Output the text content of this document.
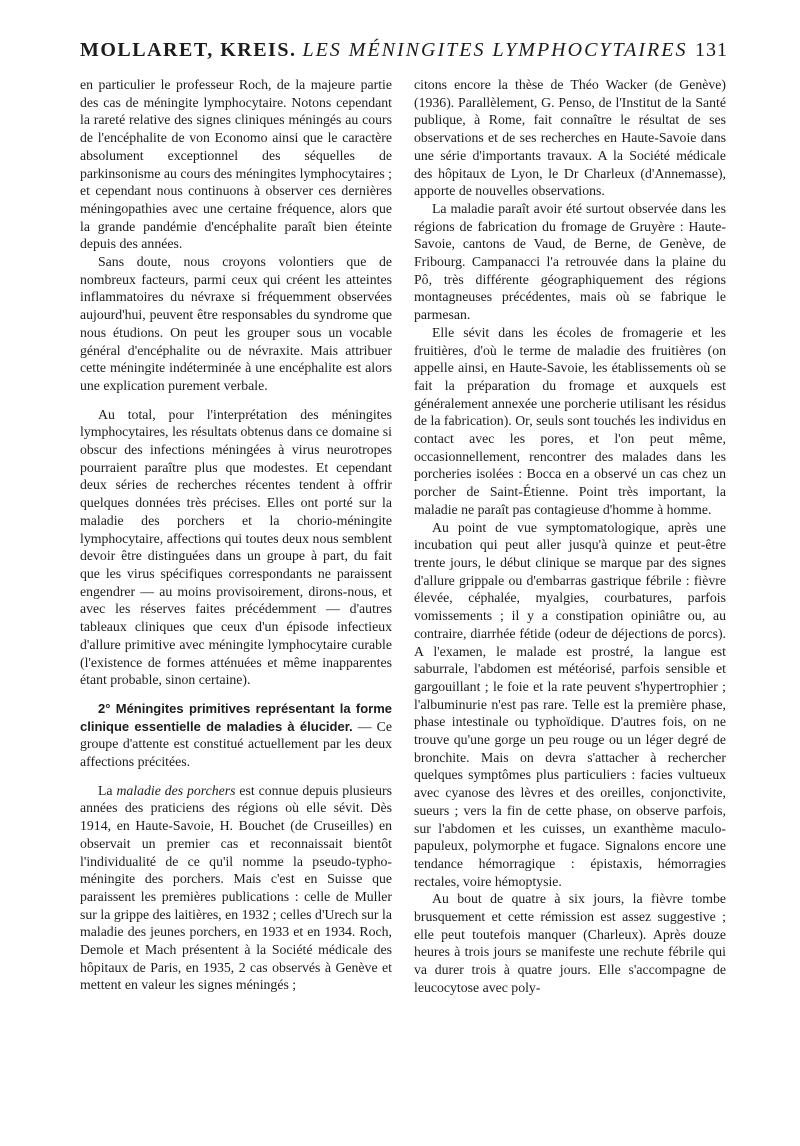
MOLLARET, KREIS. LES MÉNINGITES LYMPHOCYTAIRES 131

en particulier le professeur Roch, de la majeure partie des cas de méningite lymphocytaire. Notons cependant la rareté relative des signes cliniques méningés au cours de l'encéphalite de von Economo ainsi que le caractère absolument exceptionnel des séquelles de parkinsonisme au cours des méningites lymphocytaires ; et cependant nous continuons à observer ces dernières méningopathies avec une certaine fréquence, alors que la grande pandémie d'encéphalite paraît bien éteinte depuis des années.

Sans doute, nous croyons volontiers que de nombreux facteurs, parmi ceux qui créent les atteintes inflammatoires du névraxe si fréquemment observées aujourd'hui, peuvent être responsables du syndrome que nous étudions. On peut les grouper sous un vocable général d'encéphalite ou de névraxite. Mais attribuer cette méningite indéterminée à une encéphalite est alors une explication purement verbale.

Au total, pour l'interprétation des méningites lymphocytaires, les résultats obtenus dans ce domaine si obscur des infections méningées à virus neurotropes pourraient paraître plus que modestes. Et cependant deux séries de recherches récentes tendent à offrir quelques données très précises. Elles ont porté sur la maladie des porchers et la chorio-méningite lymphocytaire, affections qui toutes deux nous semblent devoir être distinguées dans un groupe à part, du fait que les virus spécifiques correspondants ne paraissent engendrer — au moins provisoirement, dirons-nous, et avec les réserves faites précédemment — d'autres tableaux cliniques que ceux d'un épisode infectieux d'allure primitive avec méningite lymphocytaire curable (l'existence de formes atténuées et même inapparentes étant probable, sinon certaine).

2° Méningites primitives représentant la forme clinique essentielle de maladies à élucider. — Ce groupe d'attente est constitué actuellement par les deux affections précitées.

La maladie des porchers est connue depuis plusieurs années des praticiens des régions où elle sévit. Dès 1914, en Haute-Savoie, H. Bouchet (de Cruseilles) en observait un premier cas et reconnaissait bientôt l'individualité de ce qu'il nomme la pseudo-typho-méningite des porchers. Mais c'est en Suisse que paraissent les premières publications : celle de Muller sur la grippe des laitières, en 1932 ; celles d'Urech sur la maladie des jeunes porchers, en 1933 et en 1934. Roch, Demole et Mach présentent à la Société médicale des hôpitaux de Paris, en 1935, 2 cas observés à Genève et mettent en valeur les signes méningés ;

citons encore la thèse de Théo Wacker (de Genève) (1936). Parallèlement, G. Penso, de l'Institut de la Santé publique, à Rome, fait connaître le résultat de ses observations et de ses recherches en Haute-Savoie dans une série d'importants travaux. A la Société médicale des hôpitaux de Lyon, le Dr Charleux (d'Annemasse), apporte de nouvelles observations.

La maladie paraît avoir été surtout observée dans les régions de fabrication du fromage de Gruyère : Haute-Savoie, cantons de Vaud, de Berne, de Genève, de Fribourg. Campanacci l'a retrouvée dans la plaine du Pô, très différente géographiquement des régions montagneuses précédentes, mais où se fabrique le parmesan.

Elle sévit dans les écoles de fromagerie et les fruitières, d'où le terme de maladie des fruitières (on appelle ainsi, en Haute-Savoie, les établissements où se fait la préparation du fromage et auxquels est généralement annexée une porcherie utilisant les résidus de la fabrication). Or, seuls sont touchés les individus en contact avec les pores, et l'on peut même, occasionnellement, rencontrer des malades dans les porcheries isolées : Bocca en a observé un cas chez un porcher de Saint-Étienne. Point très important, la maladie ne paraît pas contagieuse d'homme à homme.

Au point de vue symptomatologique, après une incubation qui peut aller jusqu'à quinze et peut-être trente jours, le début clinique se marque par des signes d'allure grippale ou d'embarras gastrique fébrile : fièvre élevée, céphalée, myalgies, courbatures, parfois vomissements ; il y a constipation opiniâtre ou, au contraire, diarrhée fétide (odeur de déjections de porcs). A l'examen, le malade est prostré, la langue est saburrale, l'abdomen est météorisé, parfois sensible et gargouillant ; le foie et la rate peuvent s'hypertrophier ; l'albuminurie n'est pas rare. Telle est la première phase, phase intestinale ou typhoïdique. D'autres fois, on ne trouve qu'une gorge un peu rouge ou un léger degré de bronchite. Mais on devra s'attacher à rechercher quelques symptômes plus particuliers : facies vultueux avec cyanose des lèvres et des oreilles, conjonctivite, sueurs ; vers la fin de cette phase, on observe parfois, sur l'abdomen et les cuisses, un exanthème maculo-papuleux, polymorphe et fugace. Signalons encore une tendance hémorragique : épistaxis, hémorragies rectales, voire hémoptysie.

Au bout de quatre à six jours, la fièvre tombe brusquement et cette rémission est assez suggestive ; elle peut toutefois manquer (Charleux). Après douze heures à trois jours se manifeste une rechute fébrile qui va durer trois à quatre jours. Elle s'accompagne de leucocytose avec poly-
